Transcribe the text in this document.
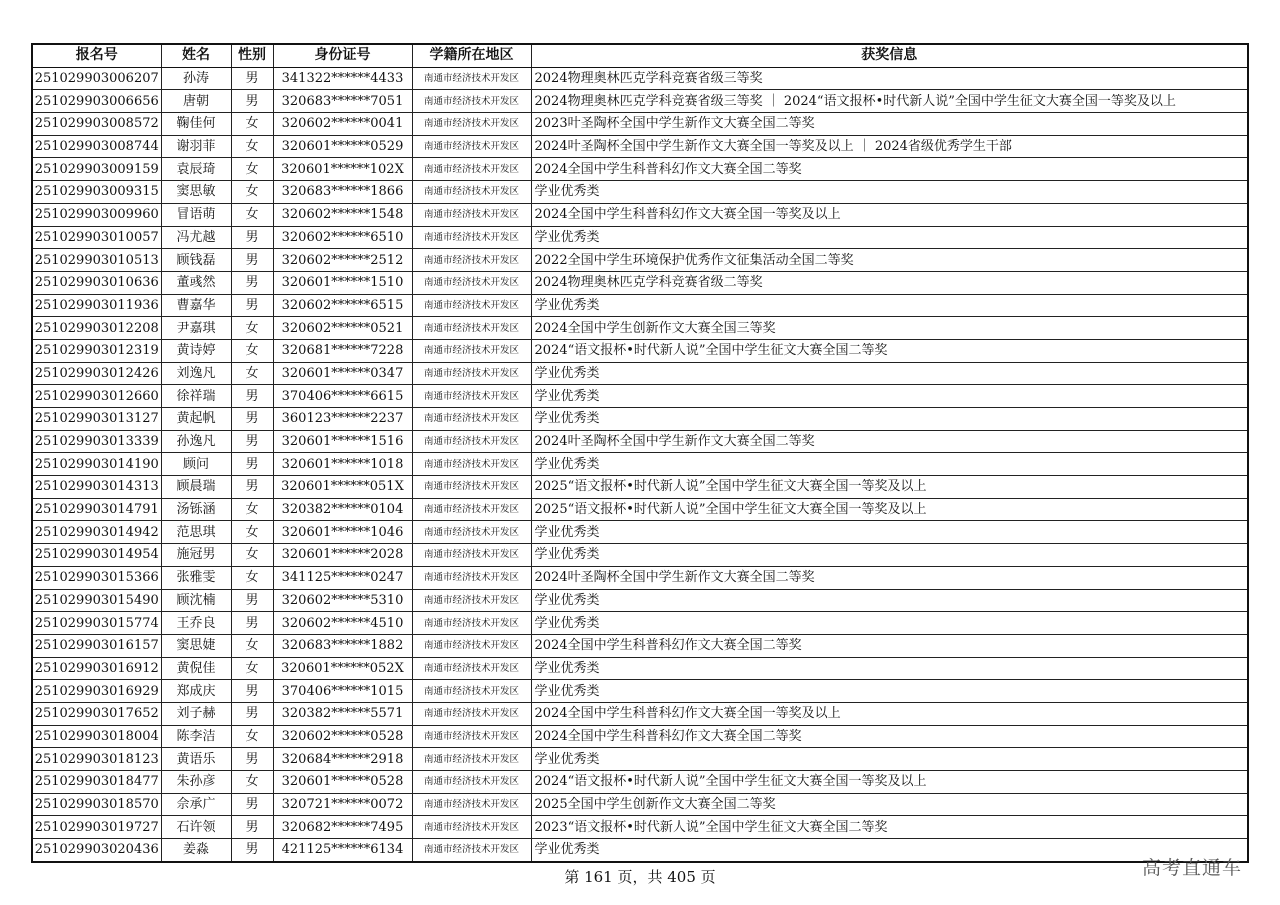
报名号	姓名	性别	身份证号	学籍所在地区	获奖信息
251029903006207	孙涛	男	341322******4433	南通市经济技术开发区	2024物理奥林匹克学科竞赛省级三等奖
251029903006656	唐朝	男	320683******7051	南通市经济技术开发区	2024物理奥林匹克学科竞赛省级三等奖 ｜ 2024“语文报杯•时代新人说”全国中学生征文大赛全国一等奖及以上
251029903008572	鞠佳何	女	320602******0041	南通市经济技术开发区	2023叶圣陶杯全国中学生新作文大赛全国二等奖
251029903008744	谢羽菲	女	320601******0529	南通市经济技术开发区	2024叶圣陶杯全国中学生新作文大赛全国一等奖及以上 ｜ 2024省级优秀学生干部
251029903009159	袁辰琦	女	320601******102X	南通市经济技术开发区	2024全国中学生科普科幻作文大赛全国二等奖
251029903009315	窦思敏	女	320683******1866	南通市经济技术开发区	学业优秀类
251029903009960	冒语萌	女	320602******1548	南通市经济技术开发区	2024全国中学生科普科幻作文大赛全国一等奖及以上
251029903010057	冯尤越	男	320602******6510	南通市经济技术开发区	学业优秀类
251029903010513	顾钱磊	男	320602******2512	南通市经济技术开发区	2022全国中学生环境保护优秀作文征集活动全国二等奖
251029903010636	董彧然	男	320601******1510	南通市经济技术开发区	2024物理奥林匹克学科竞赛省级二等奖
251029903011936	曹嘉华	男	320602******6515	南通市经济技术开发区	学业优秀类
251029903012208	尹嘉琪	女	320602******0521	南通市经济技术开发区	2024全国中学生创新作文大赛全国三等奖
251029903012319	黄诗婷	女	320681******7228	南通市经济技术开发区	2024“语文报杯•时代新人说”全国中学生征文大赛全国二等奖
251029903012426	刘逸凡	女	320601******0347	南通市经济技术开发区	学业优秀类
251029903012660	徐祥瑞	男	370406******6615	南通市经济技术开发区	学业优秀类
251029903013127	黄起帆	男	360123******2237	南通市经济技术开发区	学业优秀类
251029903013339	孙逸凡	男	320601******1516	南通市经济技术开发区	2024叶圣陶杯全国中学生新作文大赛全国二等奖
251029903014190	顾问	男	320601******1018	南通市经济技术开发区	学业优秀类
251029903014313	顾晨瑞	男	320601******051X	南通市经济技术开发区	2025“语文报杯•时代新人说”全国中学生征文大赛全国一等奖及以上
251029903014791	汤铄涵	女	320382******0104	南通市经济技术开发区	2025“语文报杯•时代新人说”全国中学生征文大赛全国一等奖及以上
251029903014942	范思琪	女	320601******1046	南通市经济技术开发区	学业优秀类
251029903014954	施冠男	女	320601******2028	南通市经济技术开发区	学业优秀类
251029903015366	张雅雯	女	341125******0247	南通市经济技术开发区	2024叶圣陶杯全国中学生新作文大赛全国二等奖
251029903015490	顾沈楠	男	320602******5310	南通市经济技术开发区	学业优秀类
251029903015774	王乔良	男	320602******4510	南通市经济技术开发区	学业优秀类
251029903016157	窦思婕	女	320683******1882	南通市经济技术开发区	2024全国中学生科普科幻作文大赛全国二等奖
251029903016912	黄倪佳	女	320601******052X	南通市经济技术开发区	学业优秀类
251029903016929	郑成庆	男	370406******1015	南通市经济技术开发区	学业优秀类
251029903017652	刘子赫	男	320382******5571	南通市经济技术开发区	2024全国中学生科普科幻作文大赛全国一等奖及以上
251029903018004	陈李洁	女	320602******0528	南通市经济技术开发区	2024全国中学生科普科幻作文大赛全国二等奖
251029903018123	黄语乐	男	320684******2918	南通市经济技术开发区	学业优秀类
251029903018477	朱孙彦	女	320601******0528	南通市经济技术开发区	2024“语文报杯•时代新人说”全国中学生征文大赛全国一等奖及以上
251029903018570	佘承广	男	320721******0072	南通市经济技术开发区	2025全国中学生创新作文大赛全国二等奖
251029903019727	石许领	男	320682******7495	南通市经济技术开发区	2023“语文报杯•时代新人说”全国中学生征文大赛全国二等奖
251029903020436	姜淼	男	421125******6134	南通市经济技术开发区	学业优秀类
第 161 页，共 405 页	高考直通车
